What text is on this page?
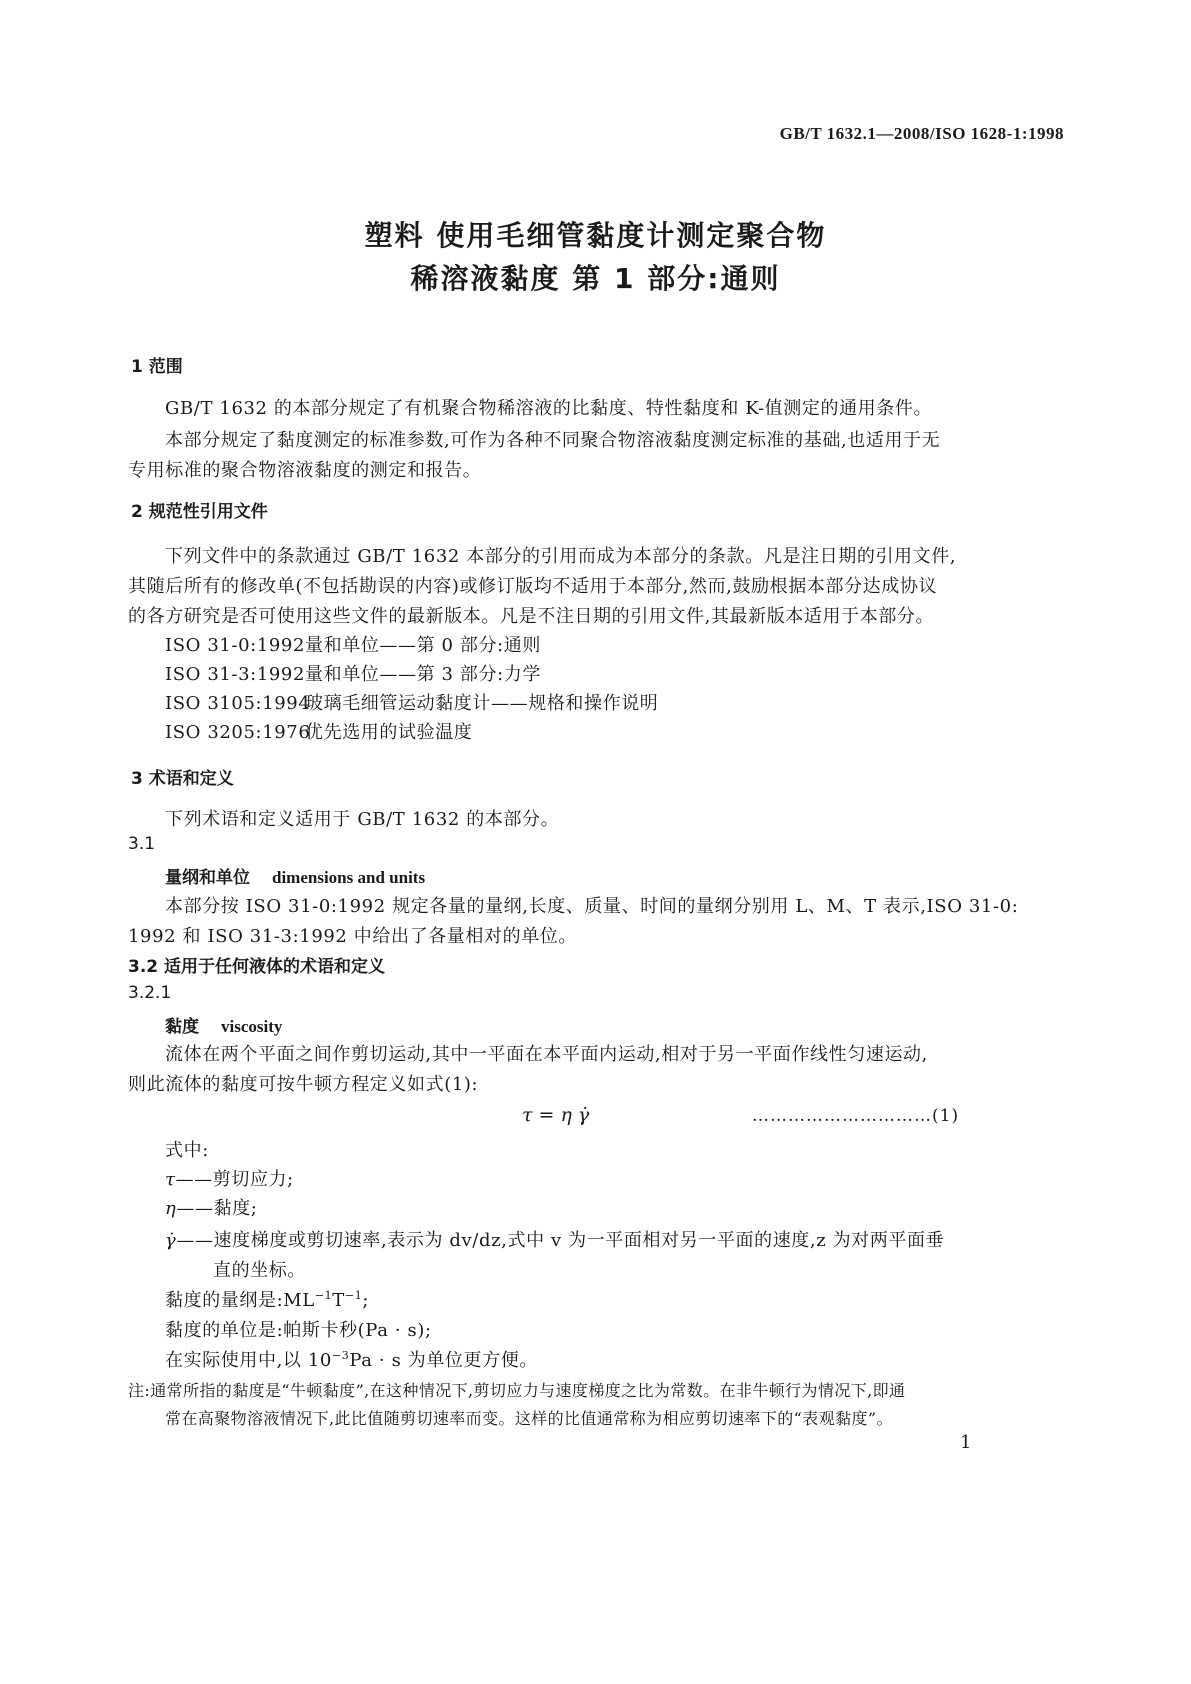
GB/T 1632.1—2008/ISO 1628-1:1998
塑料 使用毛细管黏度计测定聚合物
稀溶液黏度 第 1 部分:通则
1 范围
GB/T 1632 的本部分规定了有机聚合物稀溶液的比黏度、特性黏度和 K-值测定的通用条件。
本部分规定了黏度测定的标准参数,可作为各种不同聚合物溶液黏度测定标准的基础,也适用于无
专用标准的聚合物溶液黏度的测定和报告。
2 规范性引用文件
下列文件中的条款通过 GB/T 1632 本部分的引用而成为本部分的条款。凡是注日期的引用文件,
其随后所有的修改单(不包括勘误的内容)或修订版均不适用于本部分,然而,鼓励根据本部分达成协议
的各方研究是否可使用这些文件的最新版本。凡是不注日期的引用文件,其最新版本适用于本部分。
ISO 31-0:1992量和单位——第 0 部分:通则
ISO 31-3:1992量和单位——第 3 部分:力学
ISO 3105:1994玻璃毛细管运动黏度计——规格和操作说明
ISO 3205:1976优先选用的试验温度
3 术语和定义
下列术语和定义适用于 GB/T 1632 的本部分。
3.1
量纲和单位 dimensions and units
本部分按 ISO 31-0:1992 规定各量的量纲,长度、质量、时间的量纲分别用 L、M、T 表示,ISO 31-0:
1992 和 ISO 31-3:1992 中给出了各量相对的单位。
3.2 适用于任何液体的术语和定义
3.2.1
黏度 viscosity
流体在两个平面之间作剪切运动,其中一平面在本平面内运动,相对于另一平面作线性匀速运动,
则此流体的黏度可按牛顿方程定义如式(1):
τ = η γ̇	…………………………(1)
式中:
τ——剪切应力;
η——黏度;
γ̇——速度梯度或剪切速率,表示为 dv/dz,式中 v 为一平面相对另一平面的速度,z 为对两平面垂
直的坐标。
黏度的量纲是$:ML^{-1}T^{-1}$;
黏度的单位是:帕斯卡秒(Pa · s);
在实际使用中,以 $10^{-3}Pa \cdot s$ 为单位更方便。
注:通常所指的黏度是“牛顿黏度”,在这种情况下,剪切应力与速度梯度之比为常数。在非牛顿行为情况下,即通
常在高聚物溶液情况下,此比值随剪切速率而变。这样的比值通常称为相应剪切速率下的“表观黏度”。
1
